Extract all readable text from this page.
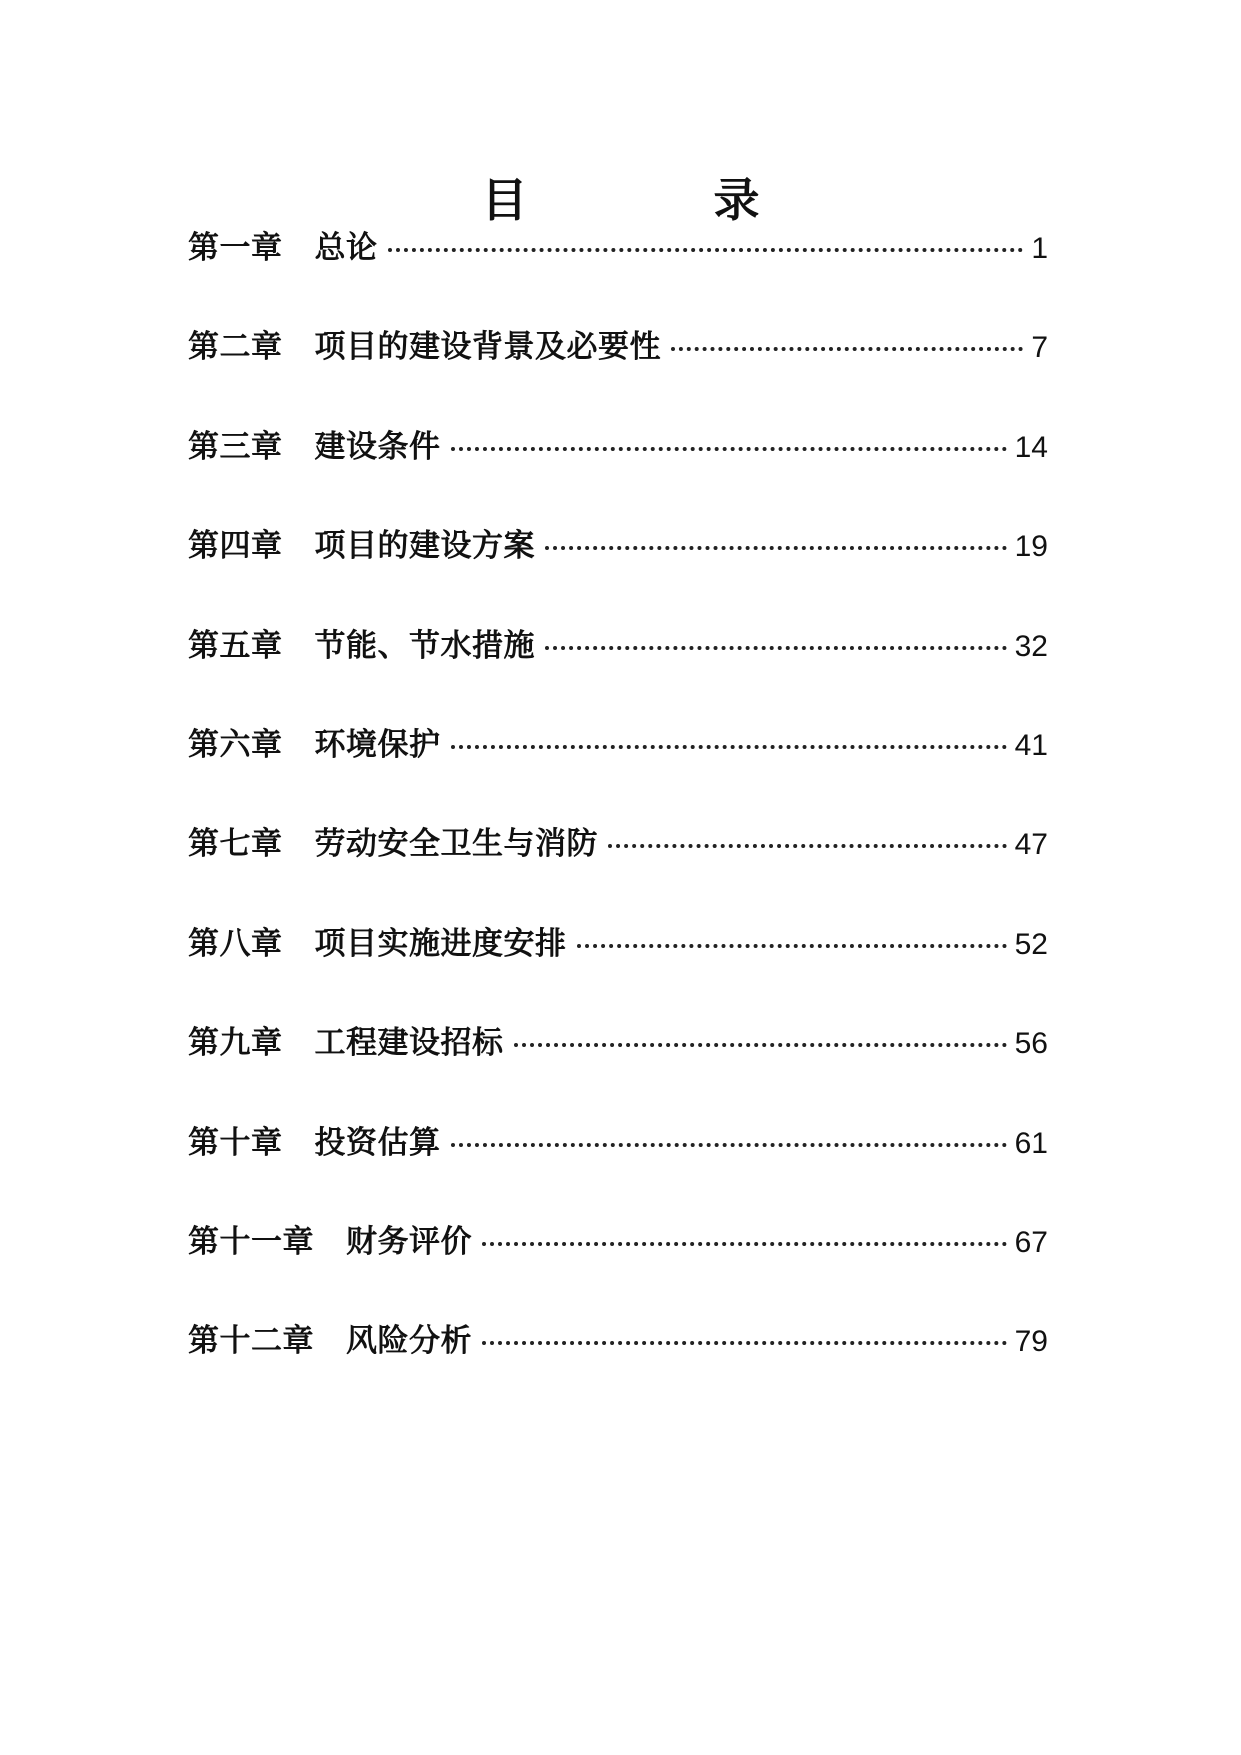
目　录
第一章 总论	1
第二章 项目的建设背景及必要性	7
第三章 建设条件	14
第四章 项目的建设方案	19
第五章 节能、节水措施	32
第六章 环境保护	41
第七章 劳动安全卫生与消防	47
第八章 项目实施进度安排	52
第九章 工程建设招标	56
第十章 投资估算	61
第十一章 财务评价	67
第十二章 风险分析	79
